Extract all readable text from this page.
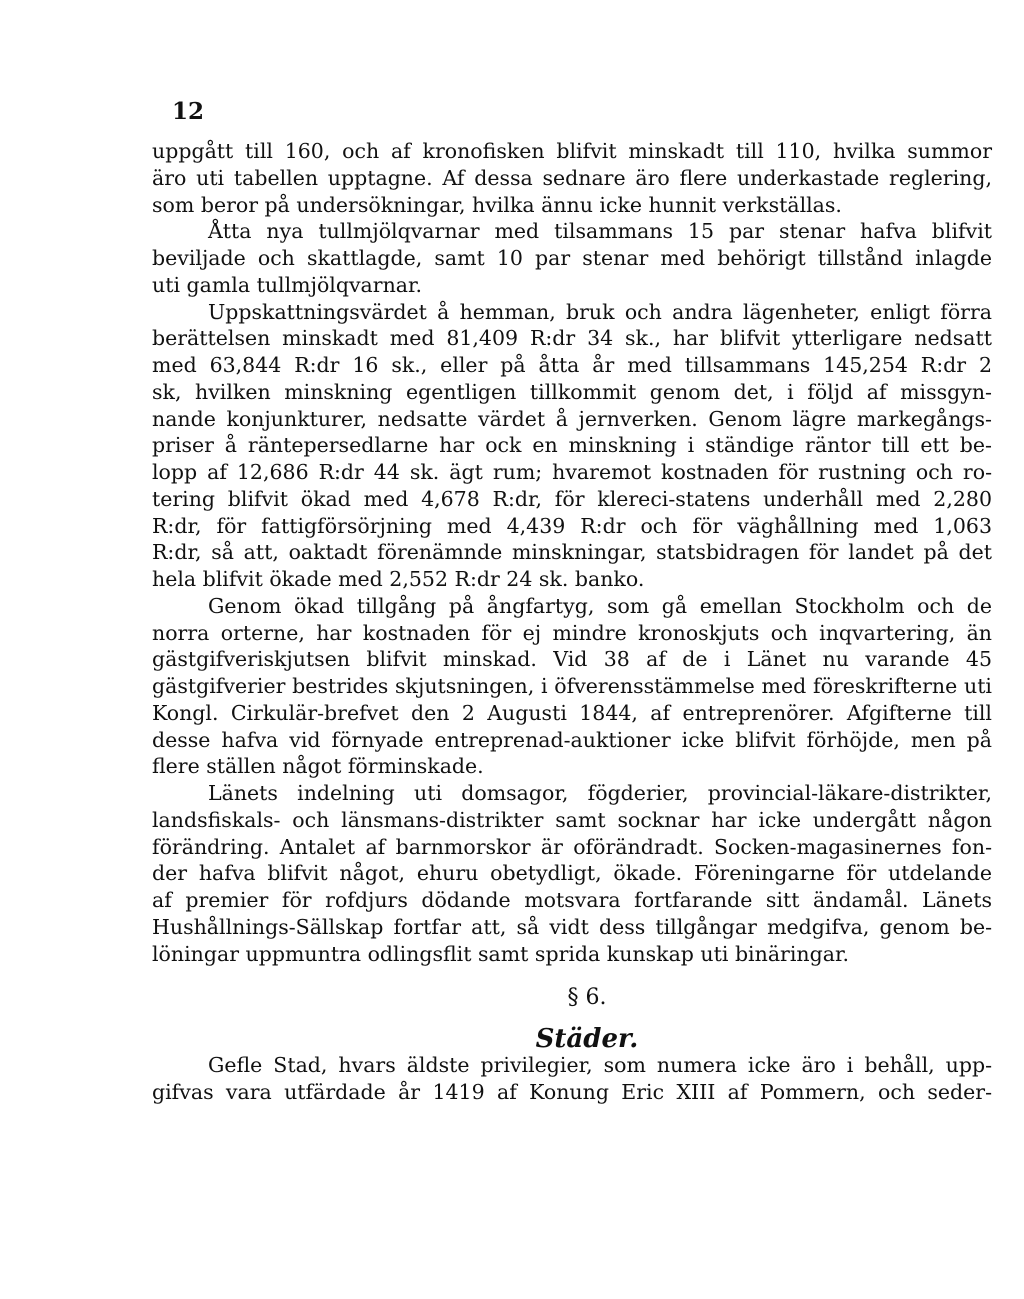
12
uppgått till 160, och af kronofisken blifvit minskadt till 110, hvilka summor
äro uti tabellen upptagne. Af dessa sednare äro flere underkastade reglering,
som beror på undersökningar, hvilka ännu icke hunnit verkställas.
Åtta nya tullmjölqvarnar med tilsammans 15 par stenar hafva blifvit
beviljade och skattlagde, samt 10 par stenar med behörigt tillstånd inlagde
uti gamla tullmjölqvarnar.
Uppskattningsvärdet å hemman, bruk och andra lägenheter, enligt förra
berättelsen minskadt med 81,409 R:dr 34 sk., har blifvit ytterligare nedsatt
med 63,844 R:dr 16 sk., eller på åtta år med tillsammans 145,254 R:dr 2
sk, hvilken minskning egentligen tillkommit genom det, i följd af missgyn-
nande konjunkturer, nedsatte värdet å jernverken. Genom lägre markegångs-
priser å räntepersedlarne har ock en minskning i ständige räntor till ett be-
lopp af 12,686 R:dr 44 sk. ägt rum; hvaremot kostnaden för rustning och ro-
tering blifvit ökad med 4,678 R:dr, för klereci-statens underhåll med 2,280
R:dr, för fattigförsörjning med 4,439 R:dr och för väghållning med 1,063
R:dr, så att, oaktadt förenämnde minskningar, statsbidragen för landet på det
hela blifvit ökade med 2,552 R:dr 24 sk. banko.
Genom ökad tillgång på ångfartyg, som gå emellan Stockholm och de
norra orterne, har kostnaden för ej mindre kronoskjuts och inqvartering, än
gästgifveriskjutsen blifvit minskad. Vid 38 af de i Länet nu varande 45
gästgifverier bestrides skjutsningen, i öfverensstämmelse med föreskrifterne uti
Kongl. Cirkulär-brefvet den 2 Augusti 1844, af entreprenörer. Afgifterne till
desse hafva vid förnyade entreprenad-auktioner icke blifvit förhöjde, men på
flere ställen något förminskade.
Länets indelning uti domsagor, fögderier, provincial-läkare-distrikter,
landsfiskals- och länsmans-distrikter samt socknar har icke undergått någon
förändring. Antalet af barnmorskor är oförändradt. Socken-magasinernes fon-
der hafva blifvit något, ehuru obetydligt, ökade. Föreningarne för utdelande
af premier för rofdjurs dödande motsvara fortfarande sitt ändamål. Länets
Hushållnings-Sällskap fortfar att, så vidt dess tillgångar medgifva, genom be-
löningar uppmuntra odlingsflit samt sprida kunskap uti binäringar.
§ 6.
Städer.
Gefle Stad, hvars äldste privilegier, som numera icke äro i behåll, upp-
gifvas vara utfärdade år 1419 af Konung Eric XIII af Pommern, och seder-
